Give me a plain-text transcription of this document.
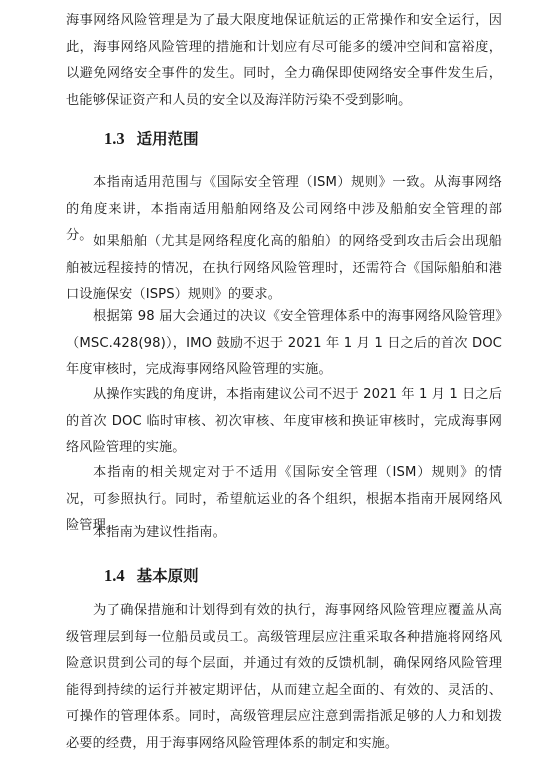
海事网络风险管理是为了最大限度地保证航运的正常操作和安全运行，因此，海事网络风险管理的措施和计划应有尽可能多的缓冲空间和富裕度，以避免网络安全事件的发生。同时，全力确保即使网络安全事件发生后，也能够保证资产和人员的安全以及海洋防污染不受到影响。

1.3 适用范围

本指南适用范围与《国际安全管理（ISM）规则》一致。从海事网络的角度来讲，本指南适用船舶网络及公司网络中涉及船舶安全管理的部分。 如果船舶（尤其是网络程度化高的船舶）的网络受到攻击后会出现船舶被远程接持的情况，在执行网络风险管理时，还需符合《国际船舶和港口设施保安（ISPS）规则》的要求。

根据第 98 届大会通过的决议《安全管理体系中的海事网络风险管理》（MSC.428(98)），IMO 鼓励不迟于 2021 年 1 月 1 日之后的首次 DOC 年度审核时，完成海事网络风险管理的实施。

从操作实践的角度讲，本指南建议公司不迟于 2021 年 1 月 1 日之后的首次 DOC 临时审核、初次审核、年度审核和换证审核时，完成海事网络风险管理的实施。

本指南的相关规定对于不适用《国际安全管理（ISM）规则》的情况，可参照执行。同时，希望航运业的各个组织，根据本指南开展网络风险管理。

本指南为建议性指南。

1.4 基本原则

为了确保措施和计划得到有效的执行，海事网络风险管理应覆盖从高级管理层到每一位船员或员工。高级管理层应注重采取各种措施将网络风险意识贯到公司的每个层面，并通过有效的反馈机制，确保网络风险管理能得到持续的运行并被定期评估，从而建立起全面的、有效的、灵活的、可操作的管理体系。同时，高级管理层应注意到需指派足够的人力和划拨必要的经费，用于海事网络风险管理体系的制定和实施。
